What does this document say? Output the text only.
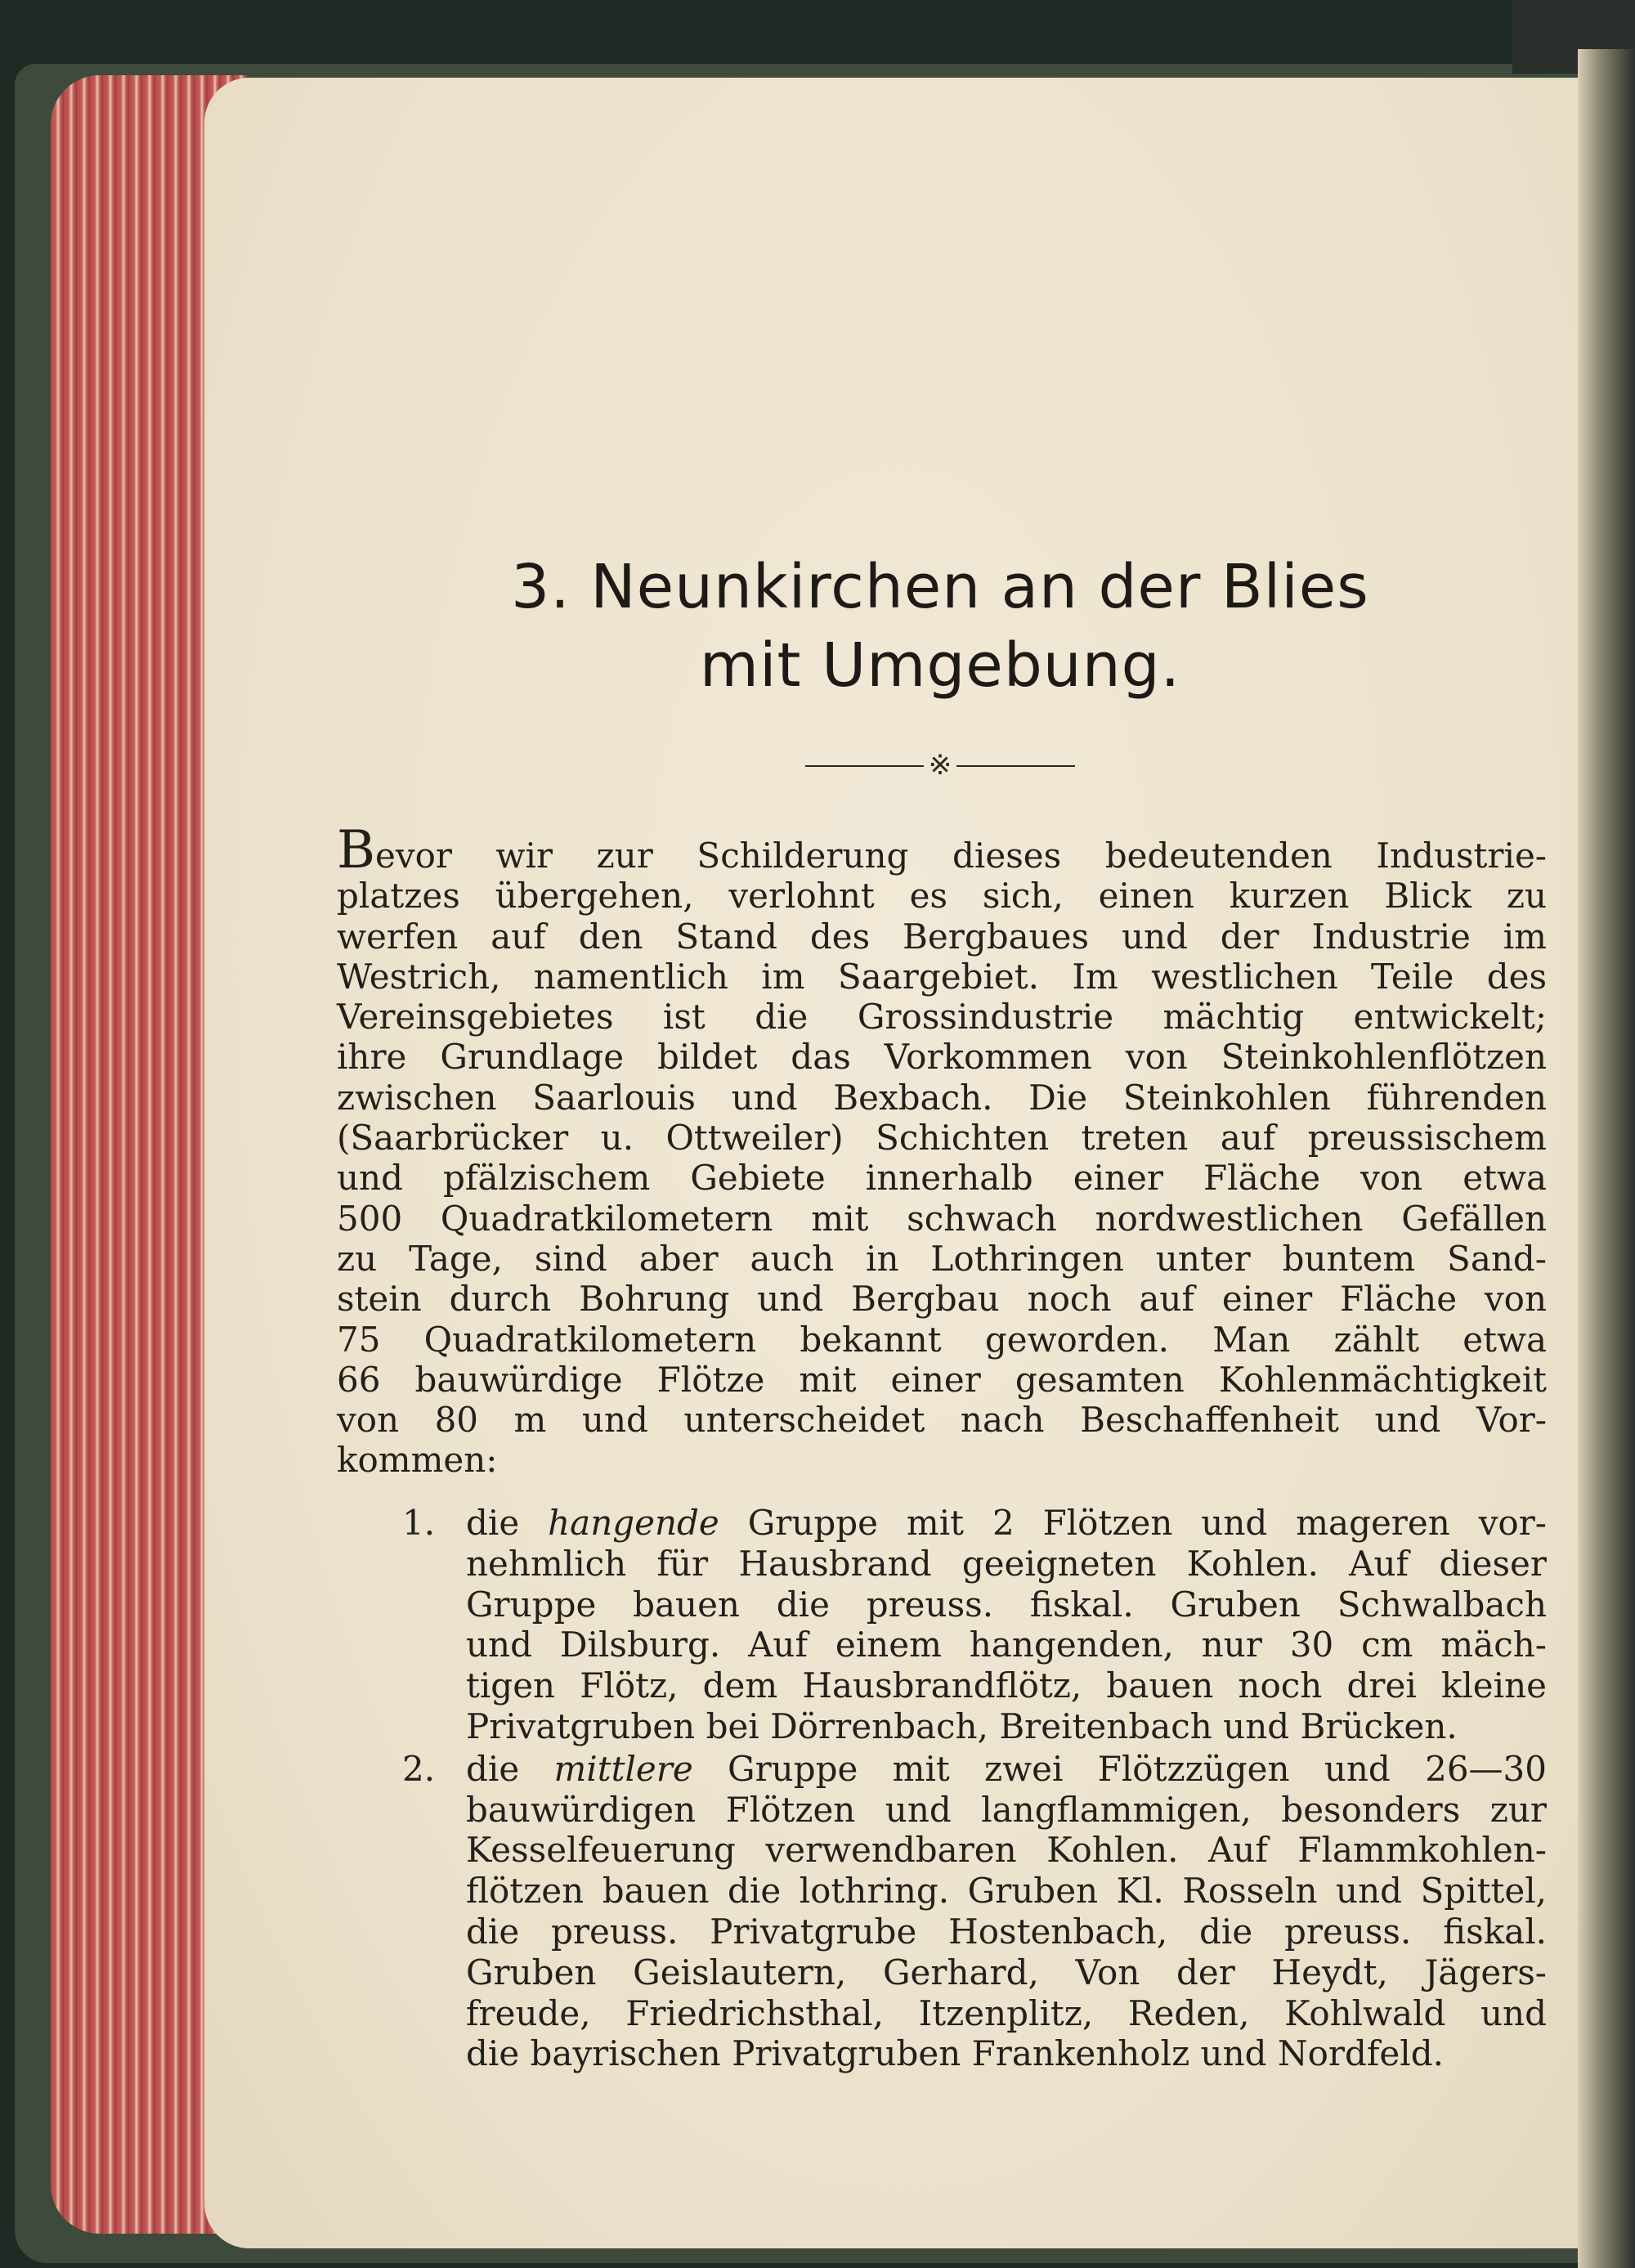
3. Neunkirchen an der Blies
mit Umgebung.
※
Bevor wir zur Schilderung dieses bedeutenden Industrie-
platzes übergehen, verlohnt es sich, einen kurzen Blick zu
werfen auf den Stand des Bergbaues und der Industrie im
Westrich, namentlich im Saargebiet. Im westlichen Teile des
Vereinsgebietes ist die Grossindustrie mächtig entwickelt;
ihre Grundlage bildet das Vorkommen von Steinkohlenflötzen
zwischen Saarlouis und Bexbach. Die Steinkohlen führenden
(Saarbrücker u. Ottweiler) Schichten treten auf preussischem
und pfälzischem Gebiete innerhalb einer Fläche von etwa
500 Quadratkilometern mit schwach nordwestlichen Gefällen
zu Tage, sind aber auch in Lothringen unter buntem Sand-
stein durch Bohrung und Bergbau noch auf einer Fläche von
75 Quadratkilometern bekannt geworden. Man zählt etwa
66 bauwürdige Flötze mit einer gesamten Kohlenmächtigkeit
von 80 m und unterscheidet nach Beschaffenheit und Vor-
kommen:
1. die hangende Gruppe mit 2 Flötzen und mageren vor-
nehmlich für Hausbrand geeigneten Kohlen. Auf dieser
Gruppe bauen die preuss. fiskal. Gruben Schwalbach
und Dilsburg. Auf einem hangenden, nur 30 cm mäch-
tigen Flötz, dem Hausbrandflötz, bauen noch drei kleine
Privatgruben bei Dörrenbach, Breitenbach und Brücken.
2. die mittlere Gruppe mit zwei Flötzzügen und 26—30
bauwürdigen Flötzen und langflammigen, besonders zur
Kesselfeuerung verwendbaren Kohlen. Auf Flammkohlen-
flötzen bauen die lothring. Gruben Kl. Rosseln und Spittel,
die preuss. Privatgrube Hostenbach, die preuss. fiskal.
Gruben Geislautern, Gerhard, Von der Heydt, Jägers-
freude, Friedrichsthal, Itzenplitz, Reden, Kohlwald und
die bayrischen Privatgruben Frankenholz und Nordfeld.
